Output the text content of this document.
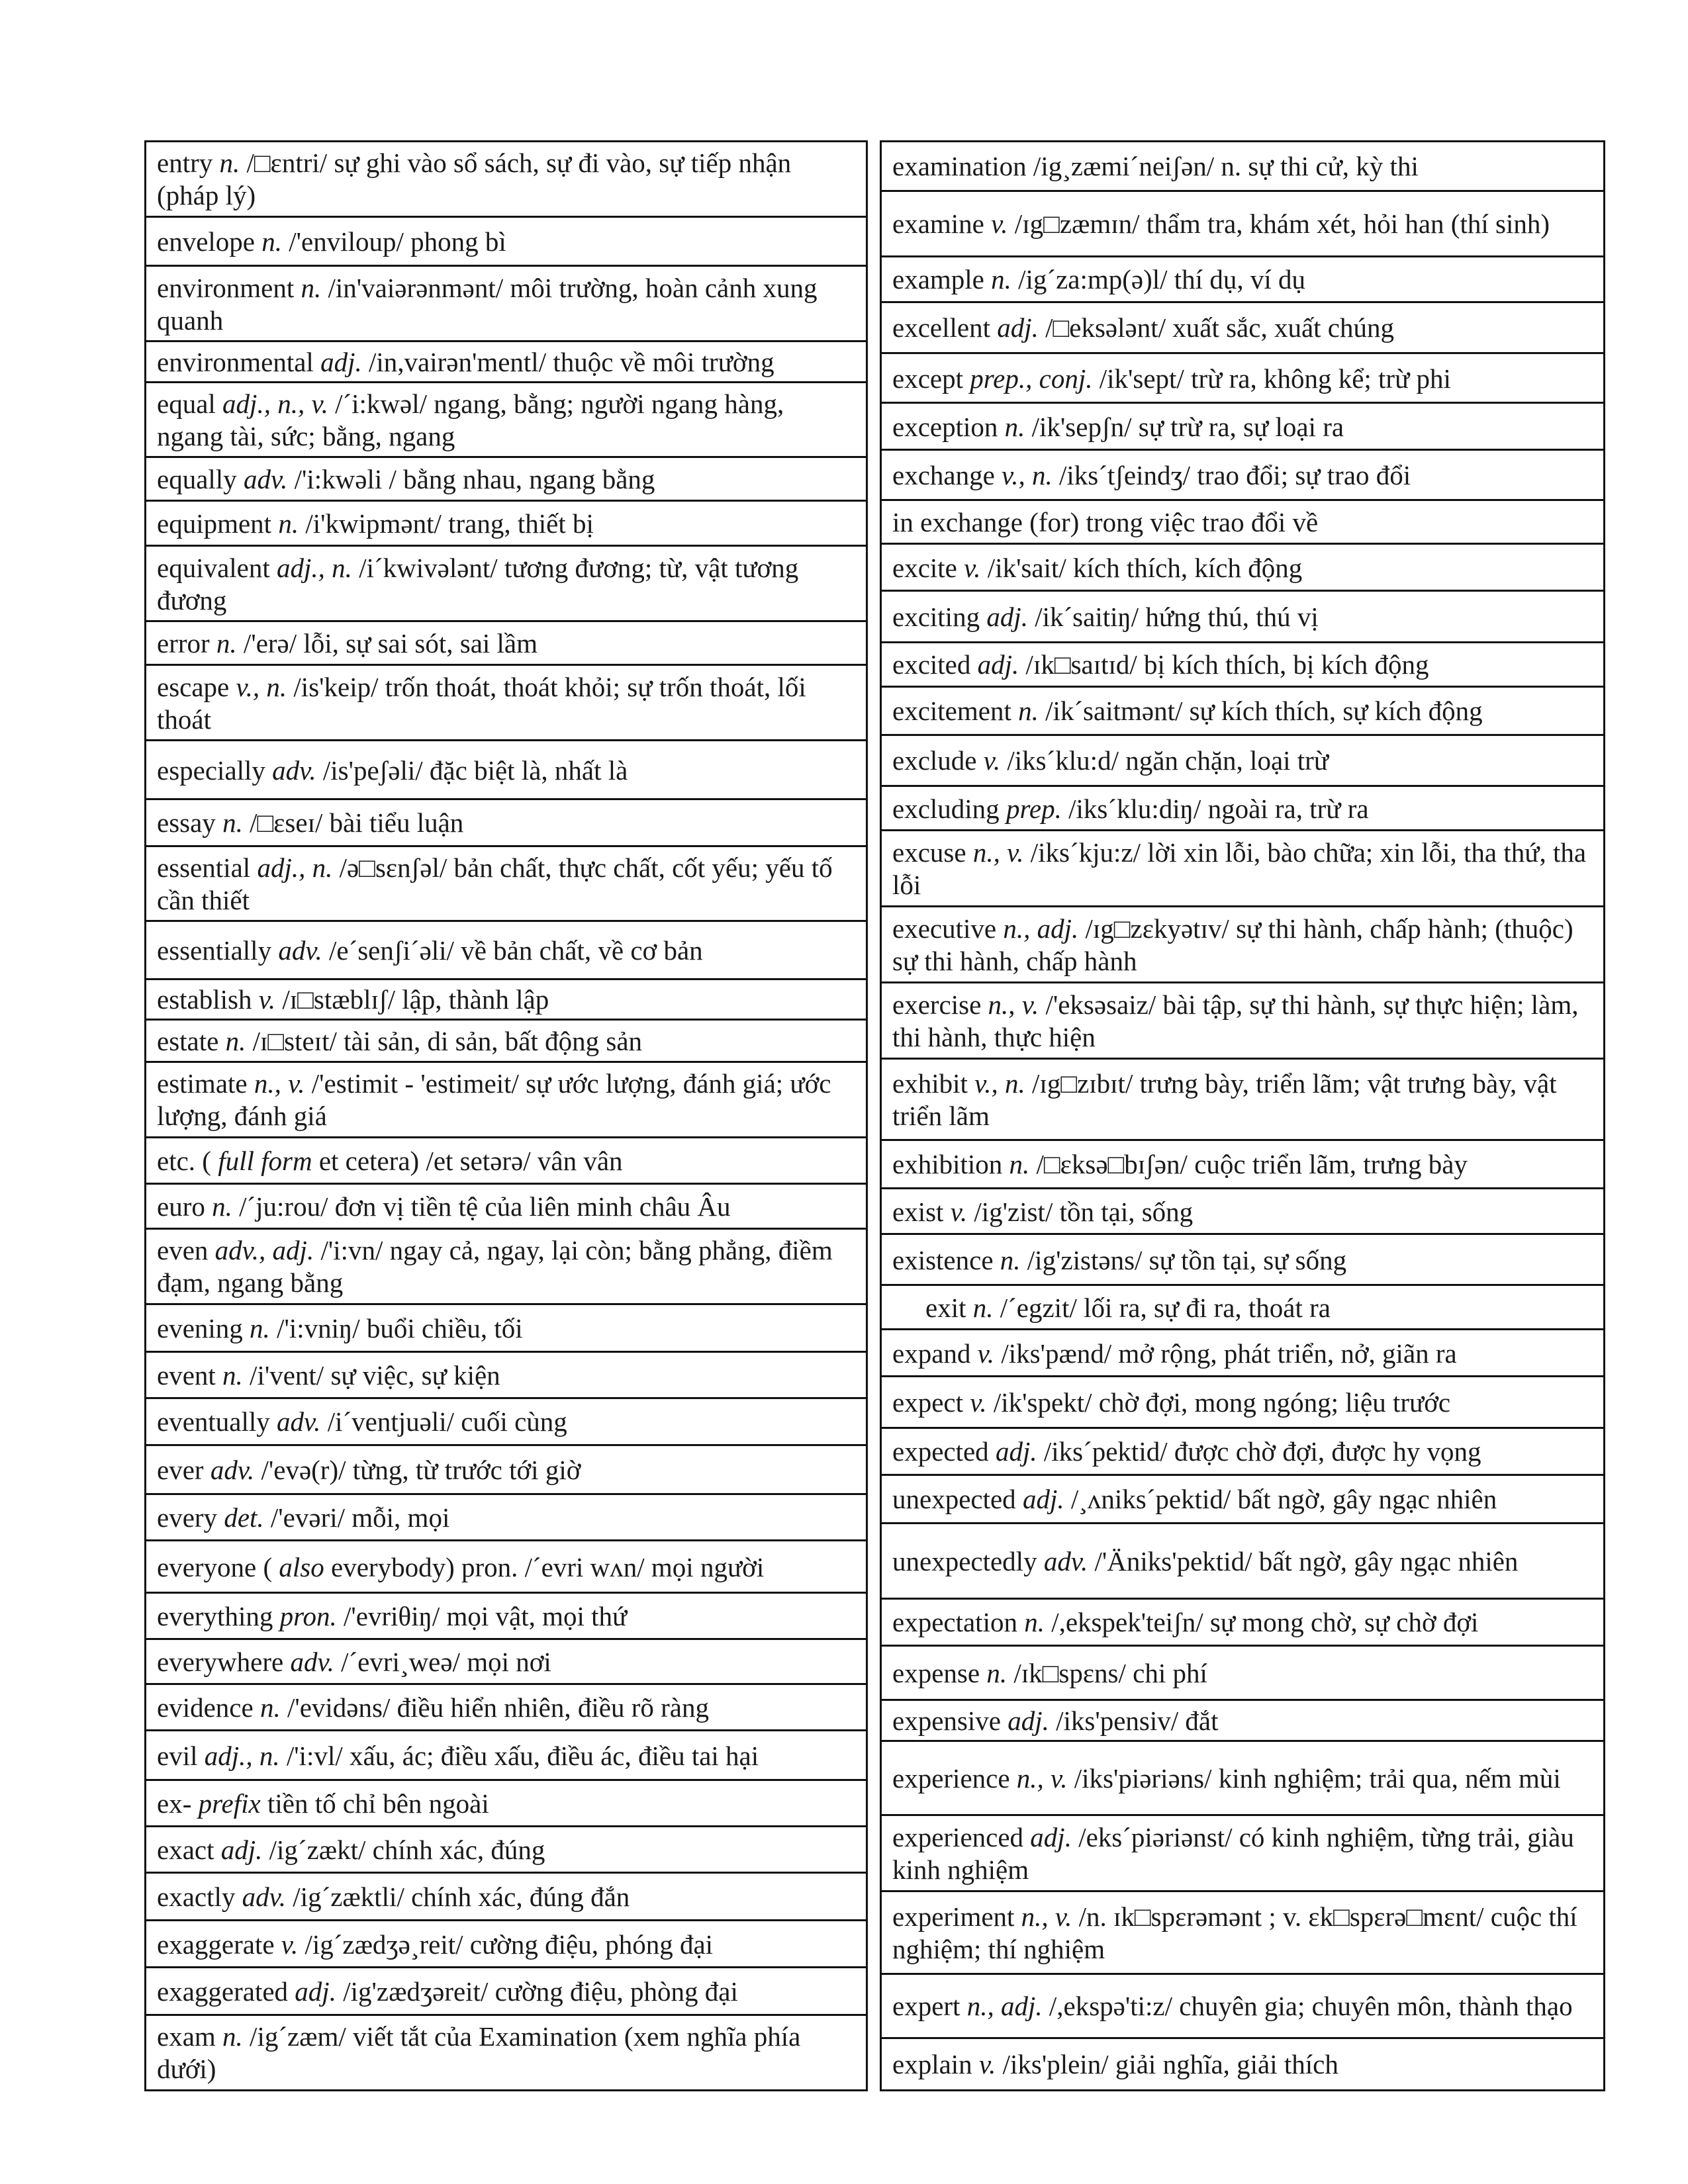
entry n. /□εntri/ sự ghi vào sổ sách, sự đi vào, sự tiếp nhận (pháp lý)
envelope n. /'enviloup/ phong bì
environment n. /in'vaiərənmənt/ môi trường, hoàn cảnh xung quanh
environmental adj. /in,vairən'mentl/ thuộc về môi trường
equal adj., n., v. /´i:kwəl/ ngang, bằng; người ngang hàng, ngang tài, sức; bằng, ngang
equally adv. /'i:kwəli / bằng nhau, ngang bằng
equipment n. /i'kwipmənt/ trang, thiết bị
equivalent adj., n. /i´kwivələnt/ tương đương; từ, vật tương đương
error n. /'erə/ lỗi, sự sai sót, sai lầm
escape v., n. /is'keip/ trốn thoát, thoát khỏi; sự trốn thoát, lối thoát
especially adv. /is'peʃəli/ đặc biệt là, nhất là
essay n. /□εseɪ/ bài tiểu luận
essential adj., n. /ə□sεnʃəl/ bản chất, thực chất, cốt yếu; yếu tố cần thiết
essentially adv. /e´senʃi´əli/ về bản chất, về cơ bản
establish v. /ɪ□stæblɪʃ/ lập, thành lập
estate n. /ɪ□steɪt/ tài sản, di sản, bất động sản
estimate n., v. /'estimit - 'estimeit/ sự ước lượng, đánh giá; ước lượng, đánh giá
etc. ( full form et cetera) /et setərə/ vân vân
euro n. /´ju:rou/ đơn vị tiền tệ của liên minh châu Âu
even adv., adj. /'i:vn/ ngay cả, ngay, lại còn; bằng phẳng, điềm đạm, ngang bằng
evening n. /'i:vniŋ/ buổi chiều, tối
event n. /i'vent/ sự việc, sự kiện
eventually adv. /i´ventjuəli/ cuối cùng
ever adv. /'evə(r)/ từng, từ trước tới giờ
every det. /'evəri/ mỗi, mọi
everyone ( also everybody) pron. /´evri wʌn/ mọi người
everything pron. /'evriθiŋ/ mọi vật, mọi thứ
everywhere adv. /´evri¸weə/ mọi nơi
evidence n. /'evidəns/ điều hiển nhiên, điều rõ ràng
evil adj., n. /'i:vl/ xấu, ác; điều xấu, điều ác, điều tai hại
ex- prefix tiền tố chỉ bên ngoài
exact adj. /ig´zækt/ chính xác, đúng
exactly adv. /ig´zæktli/ chính xác, đúng đắn
exaggerate v. /ig´zædʒə¸reit/ cường điệu, phóng đại
exaggerated adj. /ig'zædʒəreit/ cường điệu, phòng đại
exam n. /ig´zæm/ viết tắt của Examination (xem nghĩa phía dưới)
examination /ig¸zæmi´neiʃən/ n. sự thi cử, kỳ thi
examine v. /ɪg□zæmɪn/ thẩm tra, khám xét, hỏi han (thí sinh)
example n. /ig´za:mp(ə)l/ thí dụ, ví dụ
excellent adj. /□eksələnt/ xuất sắc, xuất chúng
except prep., conj. /ik'sept/ trừ ra, không kể; trừ phi
exception n. /ik'sepʃn/ sự trừ ra, sự loại ra
exchange v., n. /iks´tʃeindʒ/ trao đổi; sự trao đổi
in exchange (for) trong việc trao đổi về
excite v. /ik'sait/ kích thích, kích động
exciting adj. /ik´saitiŋ/ hứng thú, thú vị
excited adj. /ɪk□saɪtɪd/ bị kích thích, bị kích động
excitement n. /ik´saitmənt/ sự kích thích, sự kích động
exclude v. /iks´klu:d/ ngăn chặn, loại trừ
excluding prep. /iks´klu:diŋ/ ngoài ra, trừ ra
excuse n., v. /iks´kju:z/ lời xin lỗi, bào chữa; xin lỗi, tha thứ, tha lỗi
executive n., adj. /ɪg□zεkyətɪv/ sự thi hành, chấp hành; (thuộc) sự thi hành, chấp hành
exercise n., v. /'eksəsaiz/ bài tập, sự thi hành, sự thực hiện; làm, thi hành, thực hiện
exhibit v., n. /ɪg□zɪbɪt/ trưng bày, triển lãm; vật trưng bày, vật triển lãm
exhibition n. /□εksə□bɪʃən/ cuộc triển lãm, trưng bày
exist v. /ig'zist/ tồn tại, sống
existence n. /ig'zistəns/ sự tồn tại, sự sống
exit n. /´egzit/ lối ra, sự đi ra, thoát ra
expand v. /iks'pænd/ mở rộng, phát triển, nở, giãn ra
expect v. /ik'spekt/ chờ đợi, mong ngóng; liệu trước
expected adj. /iks´pektid/ được chờ đợi, được hy vọng
unexpected adj. /¸ʌniks´pektid/ bất ngờ, gây ngạc nhiên
unexpectedly adv. /'Äniks'pektid/ bất ngờ, gây ngạc nhiên
expectation n. /,ekspek'teiʃn/ sự mong chờ, sự chờ đợi
expense n. /ɪk□spεns/ chi phí
expensive adj. /iks'pensiv/ đắt
experience n., v. /iks'piəriəns/ kinh nghiệm; trải qua, nếm mùi
experienced adj. /eks´piəriənst/ có kinh nghiệm, từng trải, giàu kinh nghiệm
experiment n., v. /n. ɪk□spεrəmənt ; v. εk□spεrə□mεnt/ cuộc thí nghiệm; thí nghiệm
expert n., adj. /,ekspə'ti:z/ chuyên gia; chuyên môn, thành thạo
explain v. /iks'plein/ giải nghĩa, giải thích
